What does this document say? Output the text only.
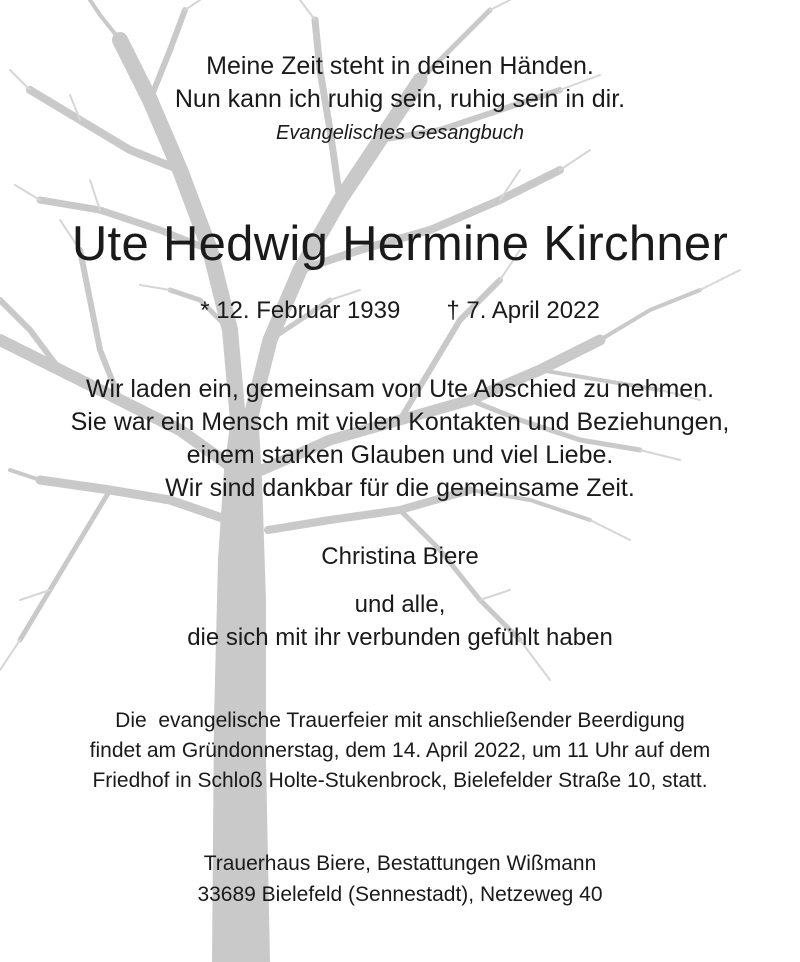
Meine Zeit steht in deinen Händen.
Nun kann ich ruhig sein, ruhig sein in dir.
Evangelisches Gesangbuch
Ute Hedwig Hermine Kirchner
* 12. Februar 1939 † 7. April 2022
Wir laden ein, gemeinsam von Ute Abschied zu nehmen.
Sie war ein Mensch mit vielen Kontakten und Beziehungen,
einem starken Glauben und viel Liebe.
Wir sind dankbar für die gemeinsame Zeit.
Christina Biere
und alle,
die sich mit ihr verbunden gefühlt haben
Die  evangelische Trauerfeier mit anschließender Beerdigung
findet am Gründonnerstag, dem 14. April 2022, um 11 Uhr auf dem
Friedhof in Schloß Holte-Stukenbrock, Bielefelder Straße 10, statt.
Trauerhaus Biere, Bestattungen Wißmann
33689 Bielefeld (Sennestadt), Netzeweg 40
